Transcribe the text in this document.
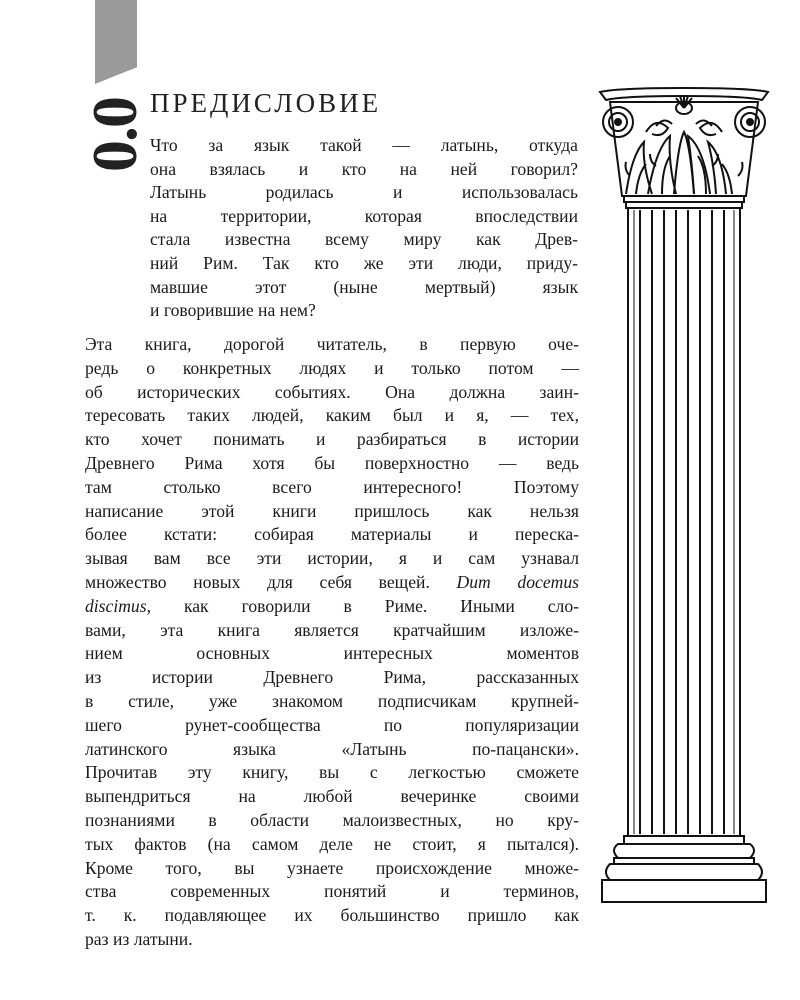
0.0 ПРЕДИСЛОВИЕ

Что за язык такой — латынь, откуда
она взялась и кто на ней говорил?
Латынь родилась и использовалась
на территории, которая впоследствии
стала известна всему миру как Древ-
ний Рим. Так кто же эти люди, приду-
мавшие этот (ныне мертвый) язык
и говорившие на нем?

Эта книга, дорогой читатель, в первую оче-
редь о конкретных людях и только потом —
об исторических событиях. Она должна заин-
тересовать таких людей, каким был и я, — тех,
кто хочет понимать и разбираться в истории
Древнего Рима хотя бы поверхностно — ведь
там столько всего интересного! Поэтому
написание этой книги пришлось как нельзя
более кстати: собирая материалы и переска-
зывая вам все эти истории, я и сам узнавал
множество новых для себя вещей. Dum docemus
discimus, как говорили в Риме. Иными сло-
вами, эта книга является кратчайшим изложе-
нием основных интересных моментов
из истории Древнего Рима, рассказанных
в стиле, уже знакомом подписчикам крупней-
шего рунет-сообщества по популяризации
латинского языка «Латынь по-пацански».
Прочитав эту книгу, вы с легкостью сможете
выпендриться на любой вечеринке своими
познаниями в области малоизвестных, но кру-
тых фактов (на самом деле не стоит, я пытался).
Кроме того, вы узнаете происхождение множе-
ства современных понятий и терминов,
т. к. подавляющее их большинство пришло как
раз из латыни.
